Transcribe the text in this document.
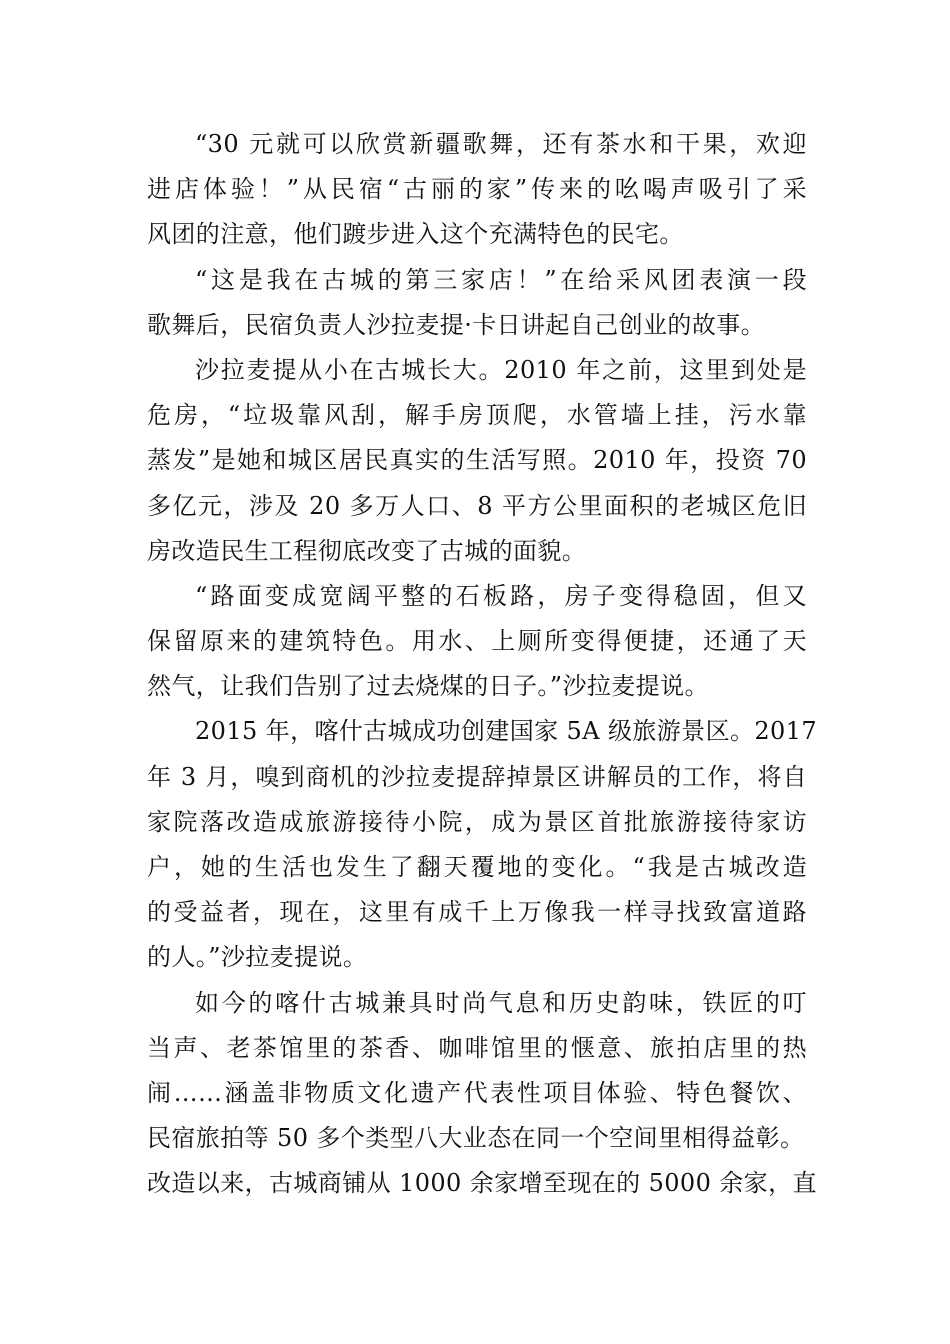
“30 元就可以欣赏新疆歌舞，还有茶水和干果，欢迎
进店体验！”从民宿“古丽的家”传来的吆喝声吸引了采
风团的注意，他们踱步进入这个充满特色的民宅。
“这是我在古城的第三家店！”在给采风团表演一段
歌舞后，民宿负责人沙拉麦提·卡日讲起自己创业的故事。
沙拉麦提从小在古城长大。2010 年之前，这里到处是
危房，“垃圾靠风刮，解手房顶爬，水管墙上挂，污水靠
蒸发”是她和城区居民真实的生活写照。2010 年，投资 70
多亿元，涉及 20 多万人口、8 平方公里面积的老城区危旧
房改造民生工程彻底改变了古城的面貌。
“路面变成宽阔平整的石板路，房子变得稳固，但又
保留原来的建筑特色。用水、上厕所变得便捷，还通了天
然气，让我们告别了过去烧煤的日子。”沙拉麦提说。
2015 年，喀什古城成功创建国家 5A 级旅游景区。2017
年 3 月，嗅到商机的沙拉麦提辞掉景区讲解员的工作，将自
家院落改造成旅游接待小院，成为景区首批旅游接待家访
户，她的生活也发生了翻天覆地的变化。“我是古城改造
的受益者，现在，这里有成千上万像我一样寻找致富道路
的人。”沙拉麦提说。
如今的喀什古城兼具时尚气息和历史韵味，铁匠的叮
当声、老茶馆里的茶香、咖啡馆里的惬意、旅拍店里的热
闹……涵盖非物质文化遗产代表性项目体验、特色餐饮、
民宿旅拍等 50 多个类型八大业态在同一个空间里相得益彰。
改造以来，古城商铺从 1000 余家增至现在的 5000 余家，直
